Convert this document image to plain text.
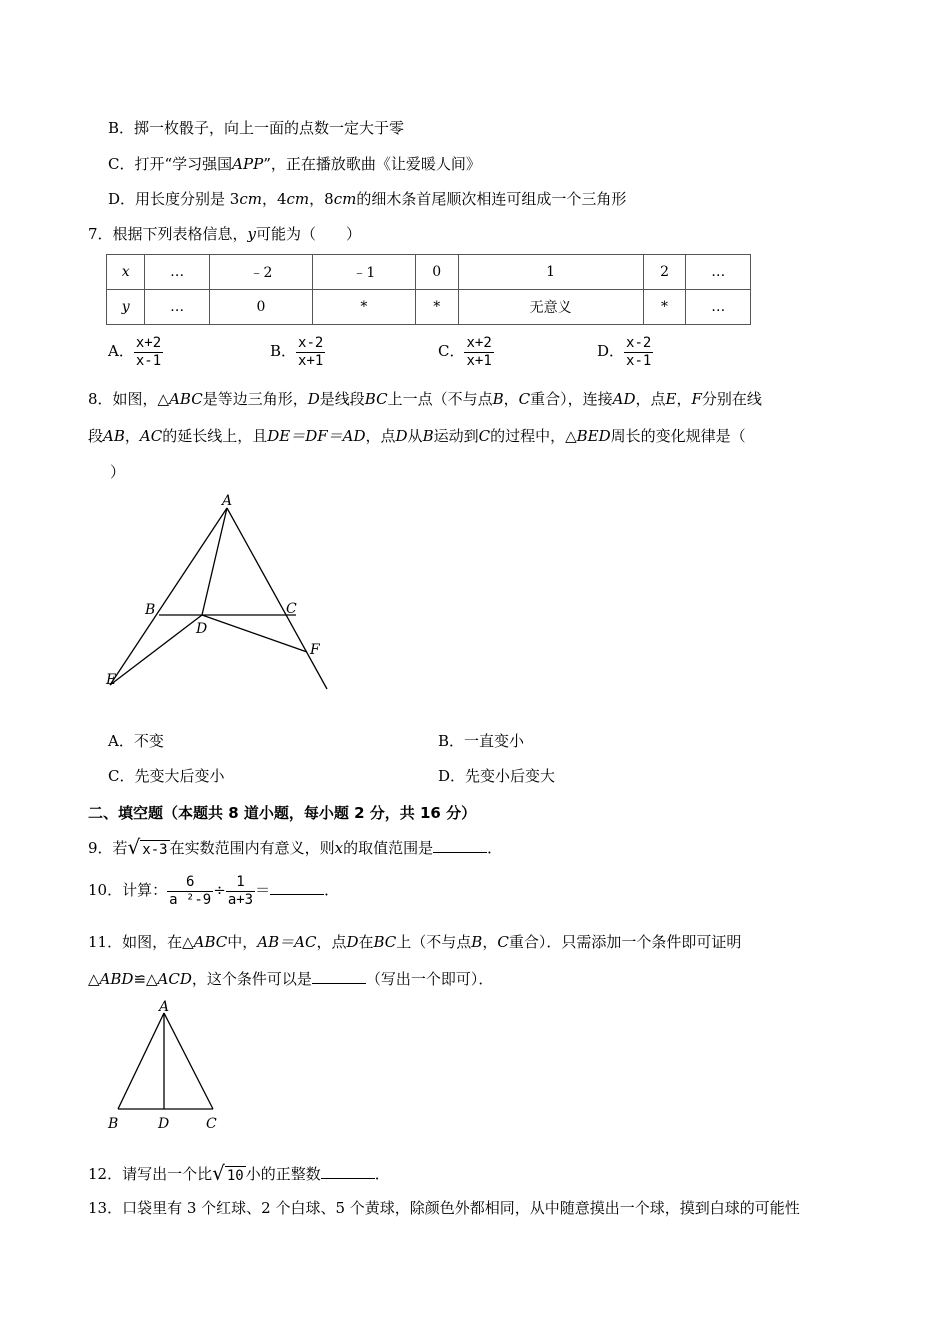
B．掷一枚骰子，向上一面的点数一定大于零
C．打开“学习强国APP”，正在播放歌曲《让爱暖人间》
D．用长度分别是 3cm，4cm，8cm的细木条首尾顺次相连可组成一个三角形
7．根据下列表格信息，y可能为（　　）
x	…	﹣2	﹣1	0	1	2	…
y	…	0	*	*	无意义	*	…
A． $\frac{x+2}{x-1}$	B． $\frac{x-2}{x+1}$	C． $\frac{x+2}{x+1}$	D． $\frac{x-2}{x-1}$
8．如图，△ABC是等边三角形，D是线段BC上一点（不与点B，C重合），连接AD，点E，F分别在线
段AB，AC的延长线上，且DE＝DF＝AD，点D从B运动到C的过程中，△BED周长的变化规律是（
）
A
B	C
D
E
F
A．不变	B．一直变小
C．先变大后变小	D．先变小后变大
二、填空题（本题共 8 道小题，每小题 2 分，共 16 分）
9．若√ x-3 在实数范围内有意义，则x的取值范围是	．
10．计算： $\frac{6}{\text{a ²-9}} \div \frac{1}{a+3}$ ＝	．
11．如图，在△ABC中，AB＝AC，点D在BC上（不与点B，C重合）．只需添加一个条件即可证明
△ABD≌△ACD，这个条件可以是	（写出一个即可）．
A
B	D	C
12．请写出一个比√ 10 小的正整数	．
13．口袋里有 3 个红球、2 个白球、5 个黄球，除颜色外都相同，从中随意摸出一个球，摸到白球的可能性
